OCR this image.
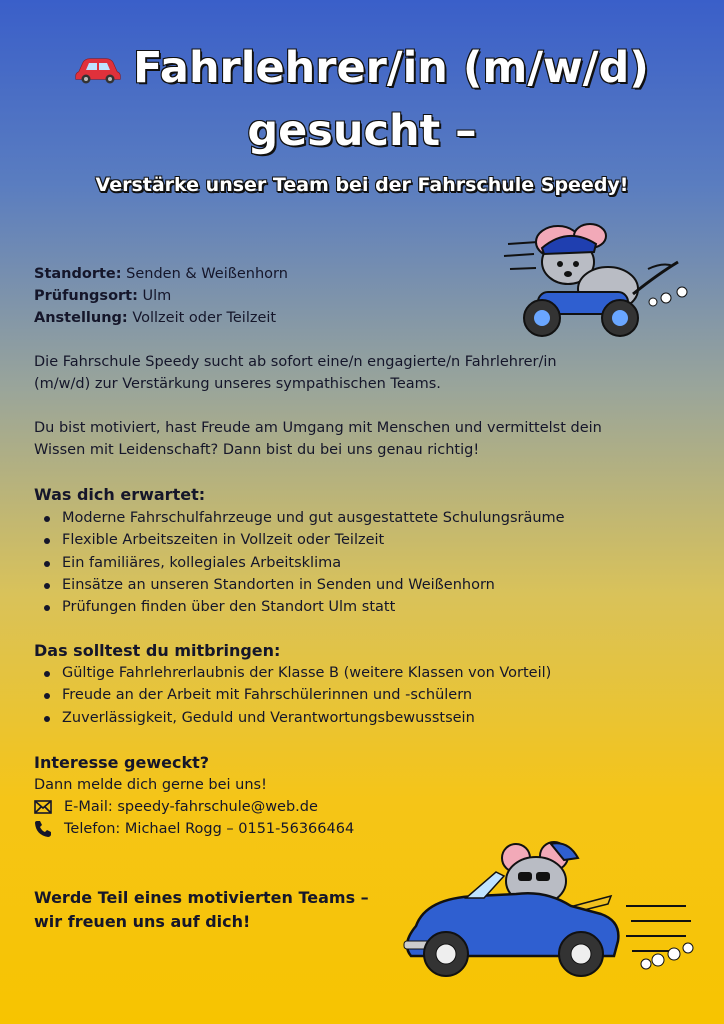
Fahrlehrer/in (m/w/d)
gesucht –
Verstärke unser Team bei der Fahrschule Speedy!
Standorte: Senden & Weißenhorn
Prüfungsort: Ulm
Anstellung: Vollzeit oder Teilzeit
Die Fahrschule Speedy sucht ab sofort eine/n engagierte/n Fahrlehrer/in (m/w/d) zur Verstärkung unseres sympathischen Teams.
Du bist motiviert, hast Freude am Umgang mit Menschen und vermittelst dein Wissen mit Leidenschaft? Dann bist du bei uns genau richtig!
Was dich erwartet:
Moderne Fahrschulfahrzeuge und gut ausgestattete Schulungsräume
Flexible Arbeitszeiten in Vollzeit oder Teilzeit
Ein familiäres, kollegiales Arbeitsklima
Einsätze an unseren Standorten in Senden und Weißenhorn
Prüfungen finden über den Standort Ulm statt
Das solltest du mitbringen:
Gültige Fahrlehrerlaubnis der Klasse B (weitere Klassen von Vorteil)
Freude an der Arbeit mit Fahrschülerinnen und -schülern
Zuverlässigkeit, Geduld und Verantwortungsbewusstsein
Interesse geweckt?
Dann melde dich gerne bei uns!
E-Mail: speedy-fahrschule@web.de
Telefon: Michael Rogg – 0151-56366464
Werde Teil eines motivierten Teams –
wir freuen uns auf dich!
